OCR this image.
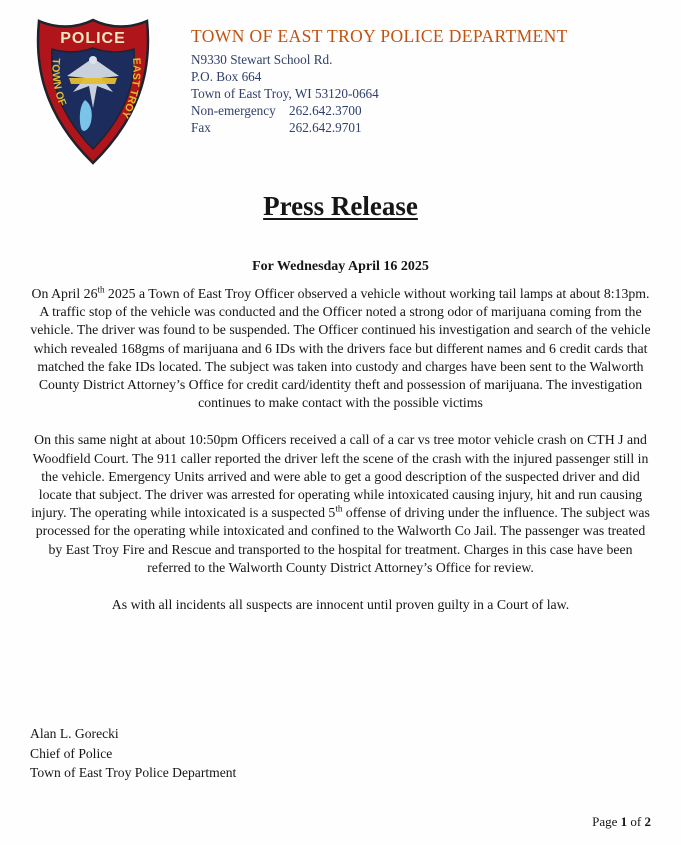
POLICE
TOWN OF
EAST TROY
TOWN OF EAST TROY POLICE DEPARTMENT
N9330 Stewart School Rd.
P.O. Box 664
Town of East Troy, WI 53120-0664
Non-emergency 262.642.3700
Fax	262.642.9701
Press Release
For Wednesday April 16 2025

On April 26th 2025 a Town of East Troy Officer observed a vehicle without working tail lamps at about 8:13pm. A traffic stop of the vehicle was conducted and the Officer noted a strong odor of marijuana coming from the vehicle. The driver was found to be suspended. The Officer continued his investigation and search of the vehicle which revealed 168gms of marijuana and 6 IDs with the drivers face but different names and 6 credit cards that matched the fake IDs located. The subject was taken into custody and charges have been sent to the Walworth County District Attorney’s Office for credit card/identity theft and possession of marijuana. The investigation continues to make contact with the possible victims

On this same night at about 10:50pm Officers received a call of a car vs tree motor vehicle crash on CTH J and Woodfield Court. The 911 caller reported the driver left the scene of the crash with the injured passenger still in the vehicle. Emergency Units arrived and were able to get a good description of the suspected driver and did locate that subject. The driver was arrested for operating while intoxicated causing injury, hit and run causing injury. The operating while intoxicated is a suspected 5th offense of driving under the influence. The subject was processed for the operating while intoxicated and confined to the Walworth Co Jail. The passenger was treated by East Troy Fire and Rescue and transported to the hospital for treatment. Charges in this case have been referred to the Walworth County District Attorney’s Office for review.

As with all incidents all suspects are innocent until proven guilty in a Court of law.

Alan L. Gorecki
Chief of Police
Town of East Troy Police Department
Page 1 of 2
